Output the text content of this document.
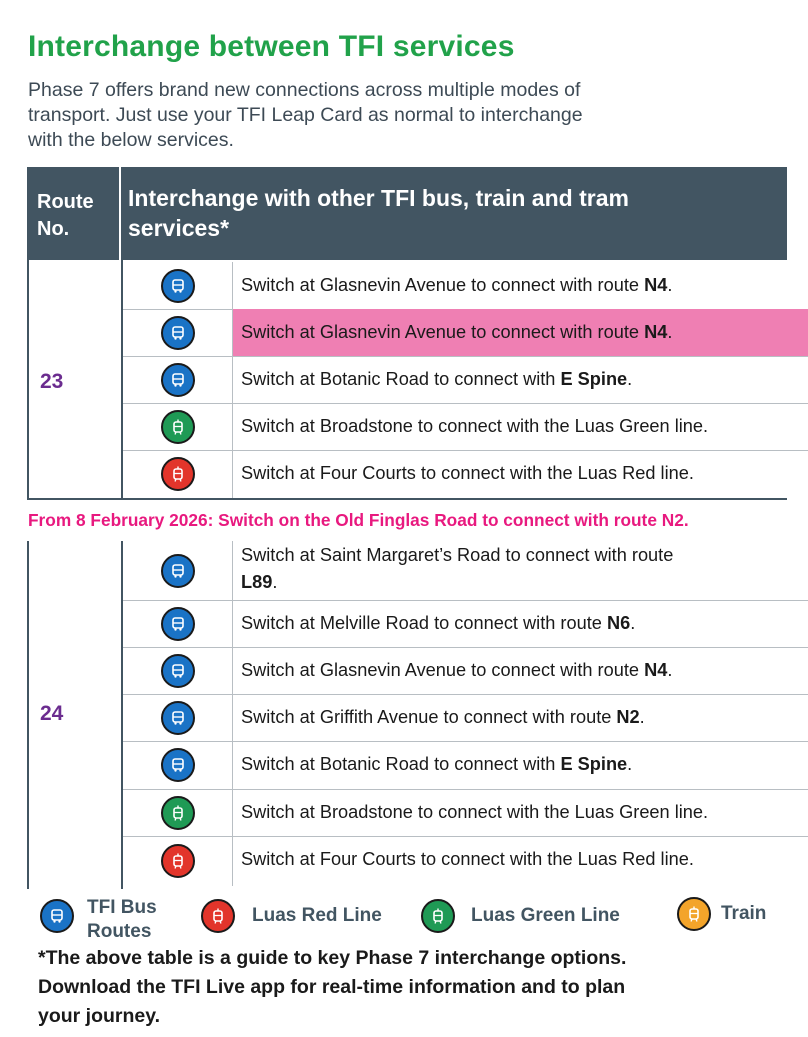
Interchange between TFI services
Phase 7 offers brand new connections across multiple modes of
transport. Just use your TFI Leap Card as normal to interchange
with the below services.
Route
No.
Interchange with other TFI bus, train and tram
services*
23
Switch at Glasnevin Avenue to connect with route N4.
Switch at Glasnevin Avenue to connect with route N4.
Switch at Botanic Road to connect with E Spine.
Switch at Broadstone to connect with the Luas Green line.
Switch at Four Courts to connect with the Luas Red line.
From 8 February 2026: Switch on the Old Finglas Road to connect with route N2.
24
Switch at Saint Margaret’s Road to connect with route
L89.
Switch at Melville Road to connect with route N6.
Switch at Glasnevin Avenue to connect with route N4.
Switch at Griffith Avenue to connect with route N2.
Switch at Botanic Road to connect with E Spine.
Switch at Broadstone to connect with the Luas Green line.
Switch at Four Courts to connect with the Luas Red line.
TFI Bus
Routes
Luas Red Line	Luas Green Line	Train
*The above table is a guide to key Phase 7 interchange options.
Download the TFI Live app for real-time information and to plan
your journey.
